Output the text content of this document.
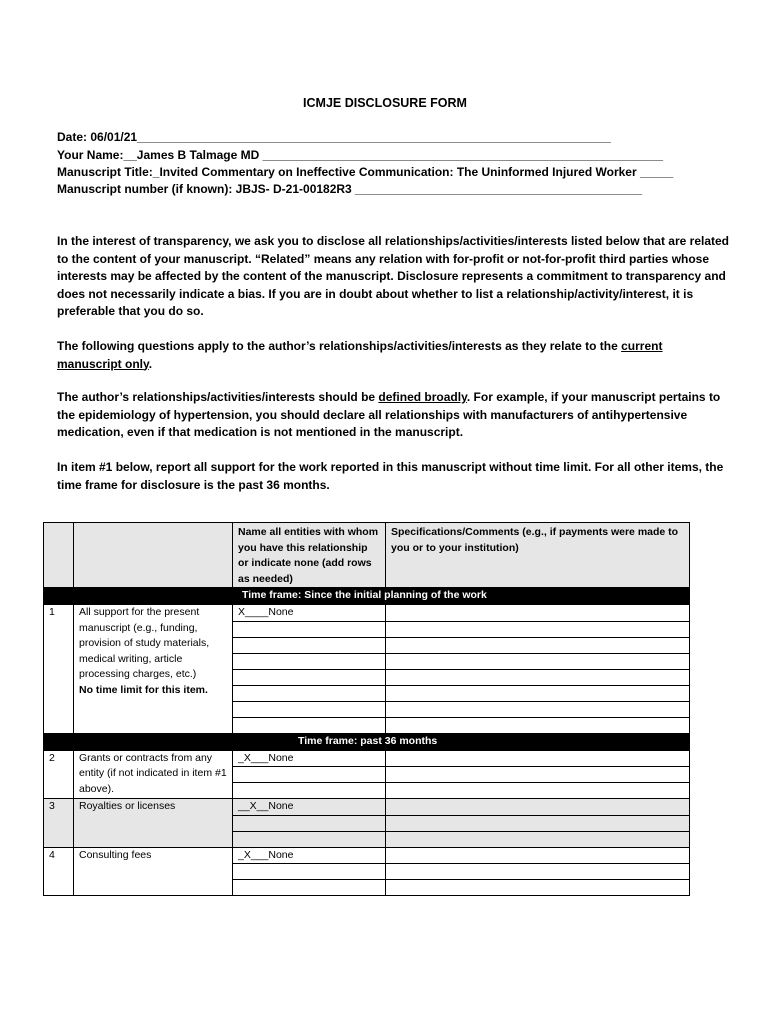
ICMJE DISCLOSURE FORM
Date: 06/01/21_______________________________________________________________________
Your Name:__James B Talmage MD ____________________________________________________________
Manuscript Title:_Invited Commentary on Ineffective Communication: The Uninformed Injured Worker _____
Manuscript number (if known): JBJS- D-21-00182R3 ___________________________________________
In the interest of transparency, we ask you to disclose all relationships/activities/interests listed below that are related to the content of your manuscript. “Related” means any relation with for-profit or not-for-profit third parties whose interests may be affected by the content of the manuscript. Disclosure represents a commitment to transparency and does not necessarily indicate a bias. If you are in doubt about whether to list a relationship/activity/interest, it is preferable that you do so.
The following questions apply to the author’s relationships/activities/interests as they relate to the current manuscript only.
The author’s relationships/activities/interests should be defined broadly. For example, if your manuscript pertains to the epidemiology of hypertension, you should declare all relationships with manufacturers of antihypertensive medication, even if that medication is not mentioned in the manuscript.
In item #1 below, report all support for the work reported in this manuscript without time limit. For all other items, the time frame for disclosure is the past 36 months.
		Name all entities with whom you have this relationship or indicate none (add rows as needed)	Specifications/Comments (e.g., if payments were made to you or to your institution)

Time frame: Since the initial planning of the work			

1	All support for the present manuscript (e.g., funding, provision of study materials, medical writing, article processing charges, etc.)
No time limit for this item.	X____None	

Time frame: past 36 months			

2	Grants or contracts from any entity (if not indicated in item #1 above).	_X___None	

3	Royalties or licenses	__X__None	

4	Consulting fees	_X___None	
